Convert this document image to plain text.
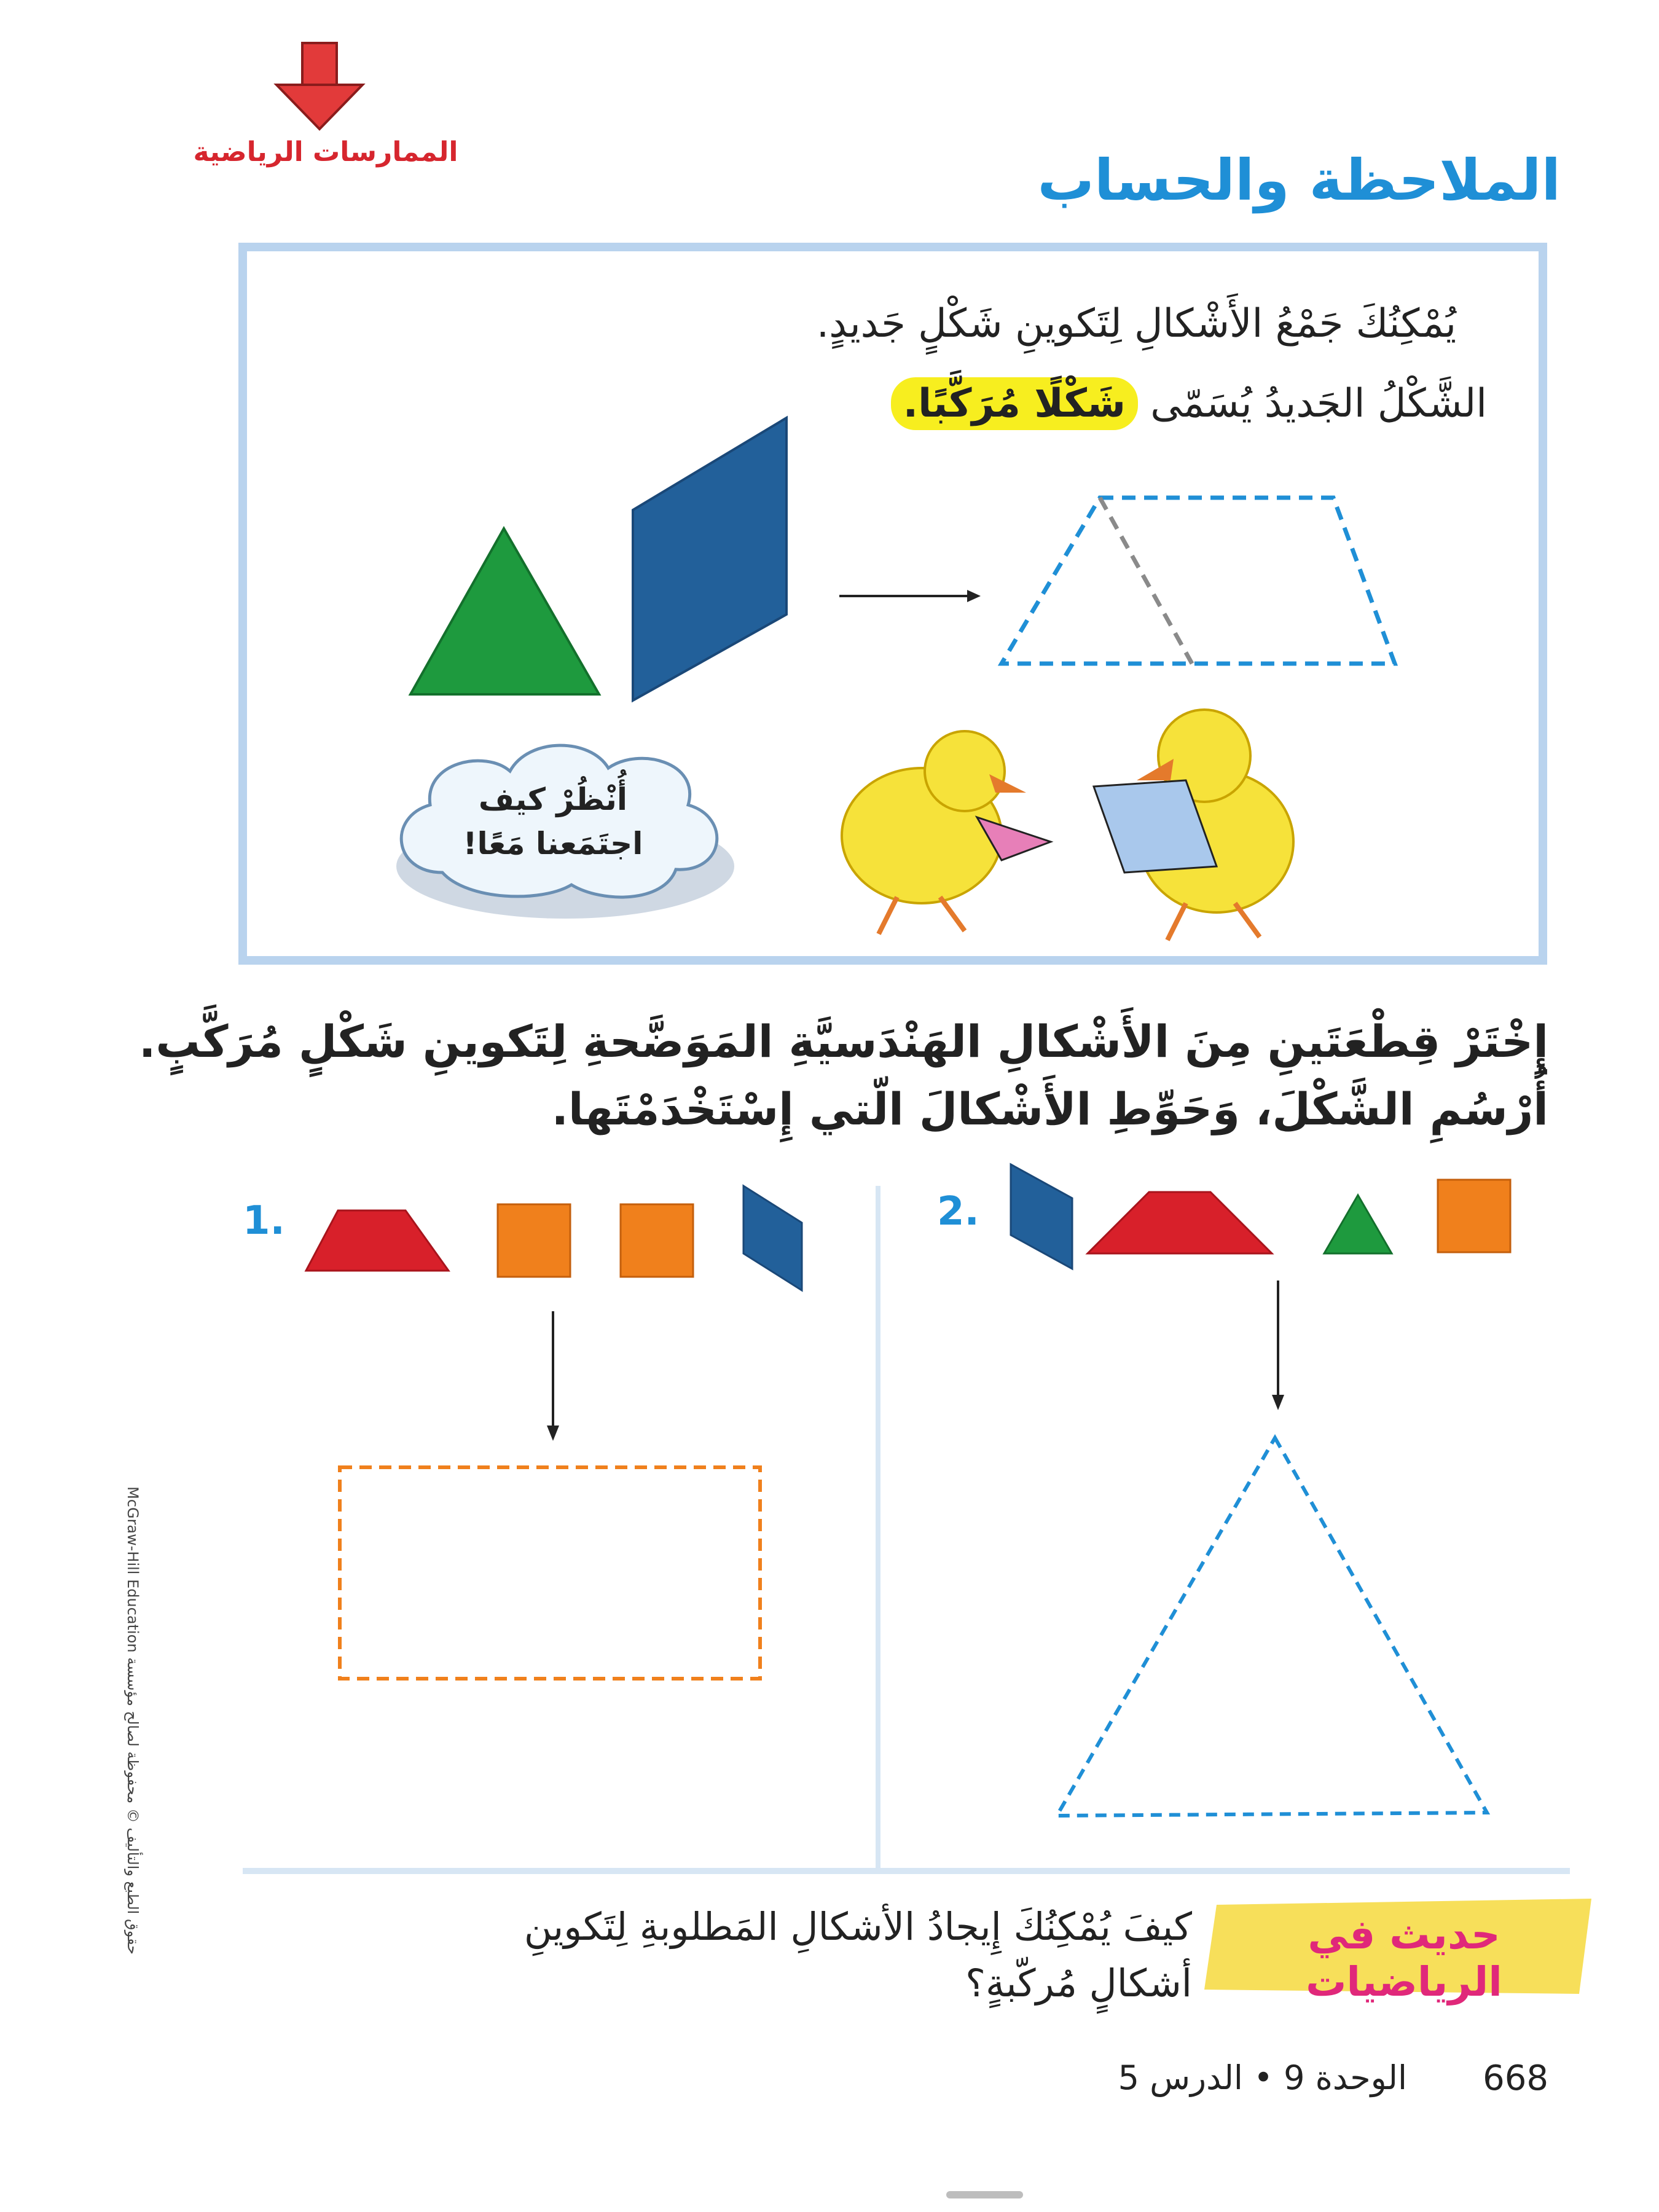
الممارسات الرياضية	الملاحظة والحساب
يُمْكِنُكَ جَمْعُ الأَشْكالِ لِتَكوينِ شَكْلٍ جَديدٍ.
الشَّكْلُ الجَديدُ يُسَمّى شَكْلًا مُرَكَّبًا.
أُنْظُرْ كيف
اجتَمَعنا مَعًا!
إِخْتَرْ قِطْعَتَينِ مِنَ الأَشْكالِ الهَنْدَسيَّةِ المَوَضَّحةِ لِتَكوينِ شَكْلٍ مُرَكَّبٍ.
أُرْسُمِ الشَّكْلَ، وَحَوِّطِ الأَشْكالَ الّتي إِسْتَخْدَمْتَها.
1.	2.
حديث في الرياضيات
كيفَ يُمْكِنُكَ إِيجادُ الأشكالِ المَطلوبةِ لِتَكوينِ
أشكالٍ مُركّبةٍ؟
الوحدة 9 • الدرس 5 668
حقوق الطبع والتأليف © محفوظة لصالح مؤسسة McGraw-Hill Education
